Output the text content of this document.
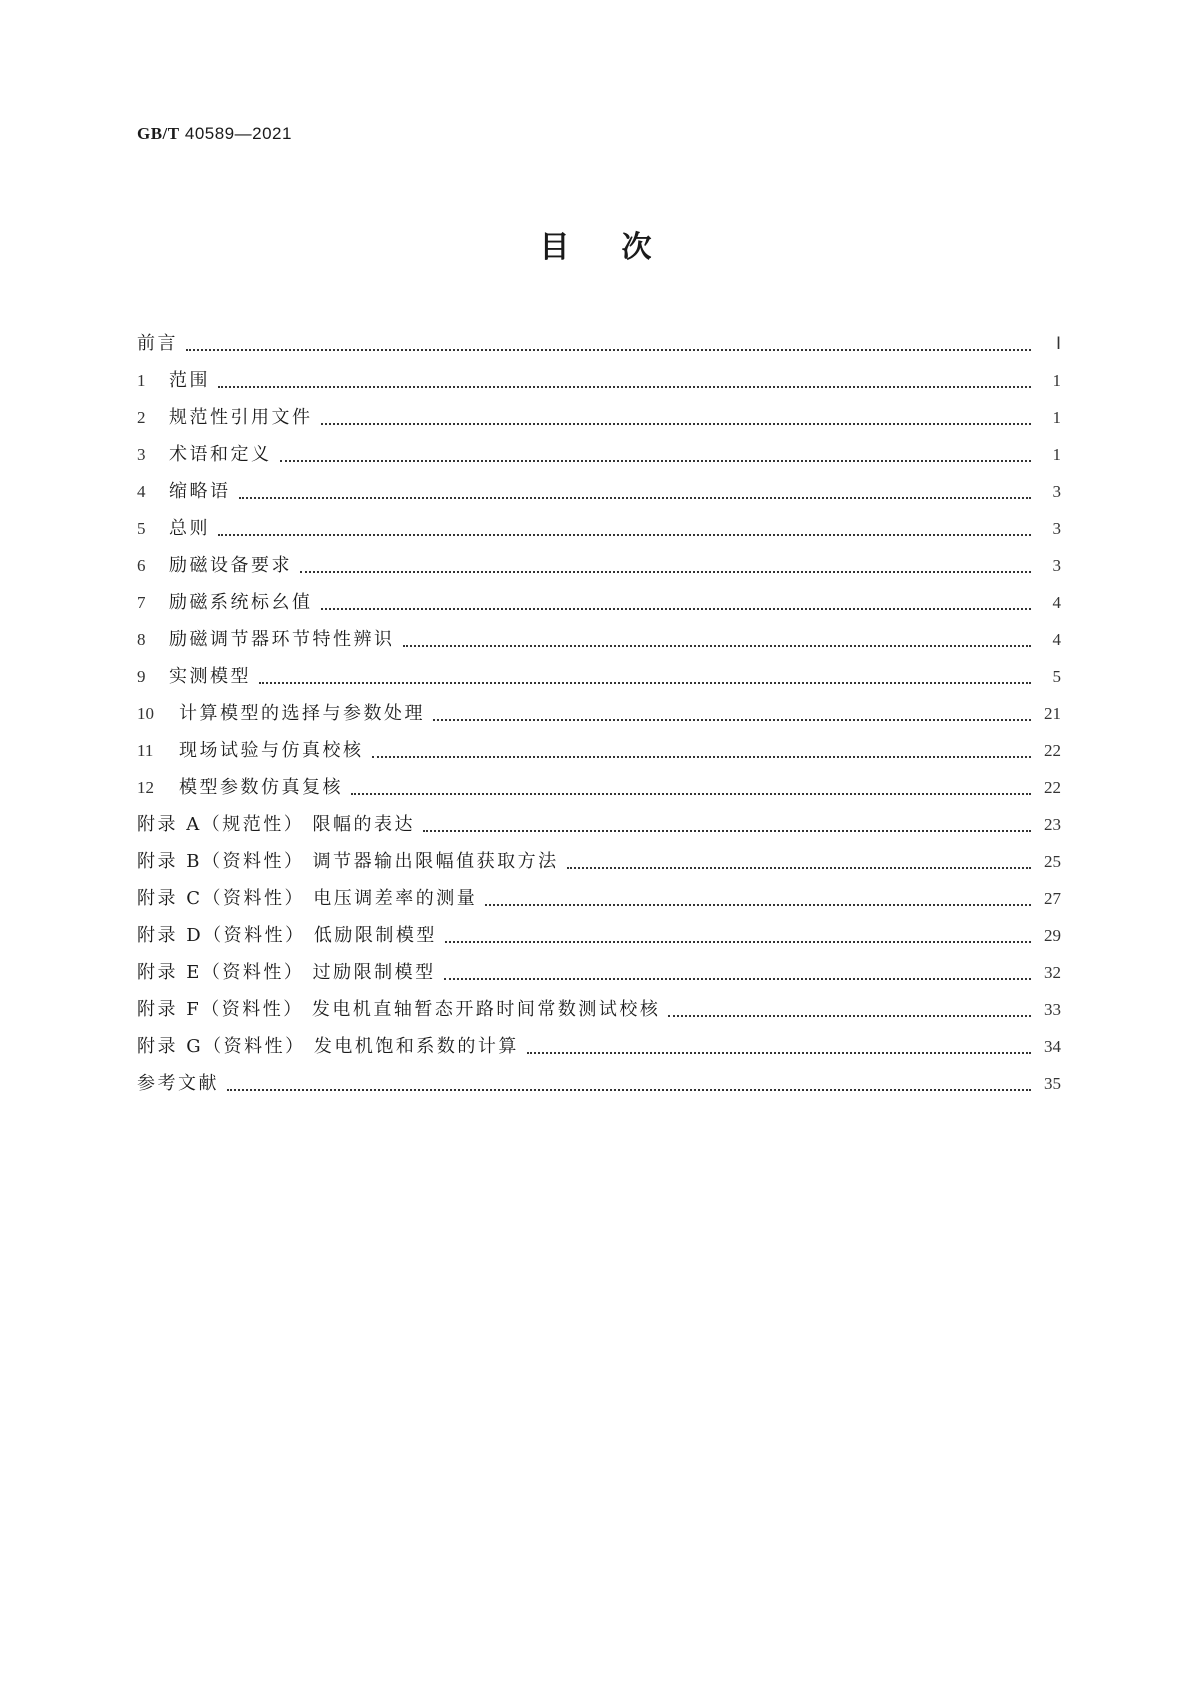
GB/T 40589—2021
目次
前言	Ⅰ
1	范围	1
2	规范性引用文件	1
3	术语和定义	1
4	缩略语	3
5	总则	3
6	励磁设备要求	3
7	励磁系统标幺值	4
8	励磁调节器环节特性辨识	4
9	实测模型	5
10	计算模型的选择与参数处理	21
11	现场试验与仿真校核	22
12	模型参数仿真复核	22
附录 A（规范性） 限幅的表达	23
附录 B（资料性） 调节器输出限幅值获取方法	25
附录 C（资料性） 电压调差率的测量	27
附录 D（资料性） 低励限制模型	29
附录 E（资料性） 过励限制模型	32
附录 F（资料性） 发电机直轴暂态开路时间常数测试校核	33
附录 G（资料性） 发电机饱和系数的计算	34
参考文献	35
